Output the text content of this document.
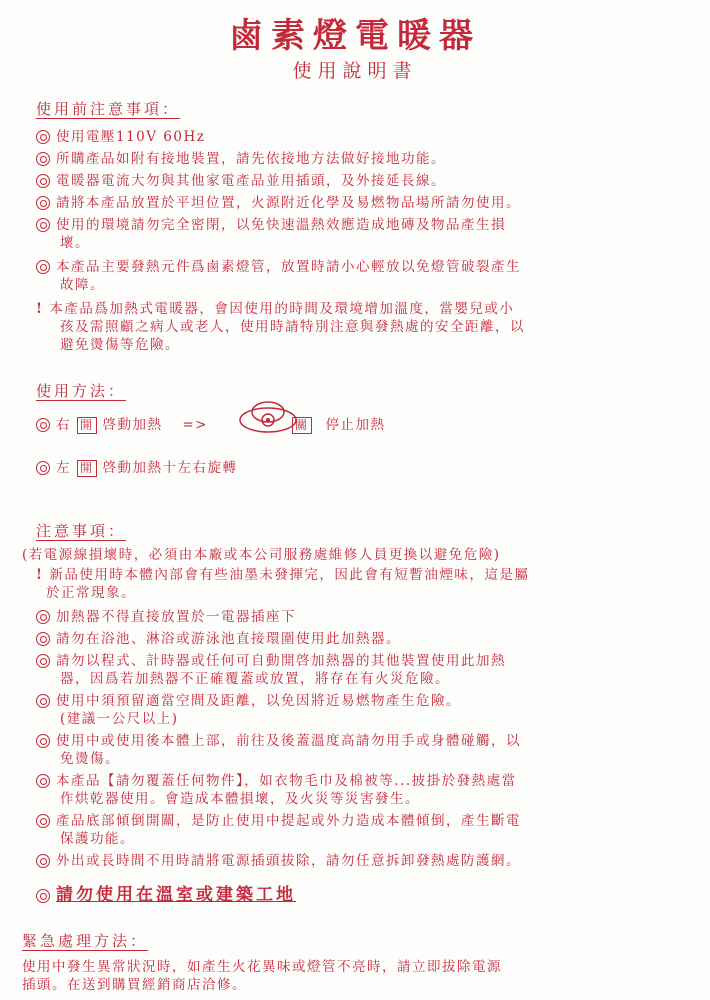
鹵素燈電暖器
使用說明書
使用前注意事項：
使用電壓110V 60Hz
所購產品如附有接地裝置，請先依接地方法做好接地功能。
電暖器電流大勿與其他家電產品並用插頭，及外接延長線。
請將本產品放置於平坦位置，火源附近化學及易燃物品場所請勿使用。
使用的環境請勿完全密閉，以免快速溫熱效應造成地磚及物品產生損
壞。
本產品主要發熱元件爲鹵素燈管，放置時請小心輕放以免燈管破裂產生
故障。
! 本產品爲加熱式電暖器，會因使用的時間及環境增加溫度，當嬰兒或小
孩及需照顧之病人或老人，使用時請特別注意與發熱處的安全距離，以
避免燙傷等危險。
使用方法：
右 開 啓動加熱 =>	關 停止加熱
左 開 啓動加熱十左右旋轉
注意事項：
(若電源線損壞時，必須由本廠或本公司服務處維修人員更換以避免危險)
! 新品使用時本體內部會有些油墨未發揮完，因此會有短暫油煙味，這是屬
於正常現象。
加熱器不得直接放置於一電器插座下
請勿在浴池、淋浴或游泳池直接環圍使用此加熱器。
請勿以程式、計時器或任何可自動開啓加熱器的其他裝置使用此加熱
器，因爲若加熱器不正確覆蓋或放置，將存在有火災危險。
使用中須預留適當空間及距離，以免因將近易燃物產生危險。
(建議一公尺以上)
使用中或使用後本體上部，前往及後蓋溫度高請勿用手或身體碰觸，以
免燙傷。
本產品【請勿覆蓋任何物件】，如衣物毛巾及棉被等...披掛於發熱處當
作烘乾器使用。會造成本體損壞，及火災等災害發生。
產品底部傾倒開關，是防止使用中提起或外力造成本體傾倒，產生斷電
保護功能。
外出或長時間不用時請將電源插頭拔除，請勿任意拆卸發熱處防護網。
請勿使用在溫室或建築工地
緊急處理方法：
使用中發生異常狀況時，如產生火花異味或燈管不亮時，請立即拔除電源
插頭。在送到購買經銷商店洽修。
